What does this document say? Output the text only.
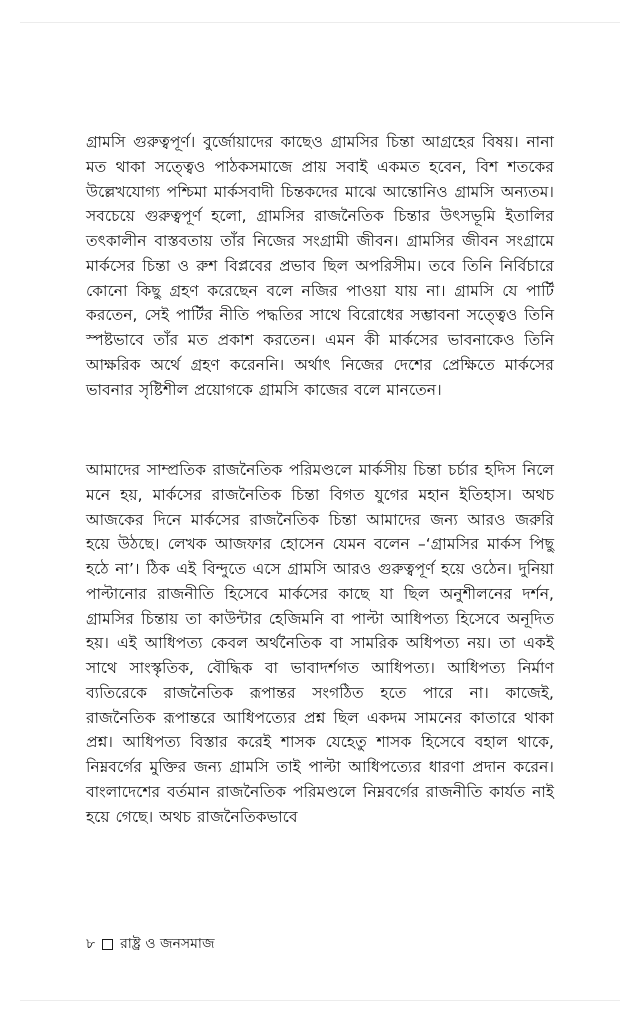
গ্রামসি গুরুত্বপূর্ণ। বুর্জোয়াদের কাছেও গ্রামসির চিন্তা আগ্রহের বিষয়। নানা মত থাকা সত্ত্বেও পাঠকসমাজে প্রায় সবাই একমত হবেন, বিশ শতকের উল্লেখযোগ্য পশ্চিমা মার্কসবাদী চিন্তকদের মাঝে আন্তোনিও গ্রামসি অন্যতম। সবচেয়ে গুরুত্বপূর্ণ হলো, গ্রামসির রাজনৈতিক চিন্তার উৎসভূমি ইতালির তৎকালীন বাস্তবতায় তাঁর নিজের সংগ্রামী জীবন। গ্রামসির জীবন সংগ্রামে মার্কসের চিন্তা ও রুশ বিপ্লবের প্রভাব ছিল অপরিসীম। তবে তিনি নির্বিচারে কোনো কিছু গ্রহণ করেছেন বলে নজির পাওয়া যায় না। গ্রামসি যে পার্টি করতেন, সেই পার্টির নীতি পদ্ধতির সাথে বিরোধের সম্ভাবনা সত্ত্বেও তিনি স্পষ্টভাবে তাঁর মত প্রকাশ করতেন। এমন কী মার্কসের ভাবনাকেও তিনি আক্ষরিক অর্থে গ্রহণ করেননি। অর্থাৎ নিজের দেশের প্রেক্ষিতে মার্কসের ভাবনার সৃষ্টিশীল প্রয়োগকে গ্রামসি কাজের বলে মানতেন।

আমাদের সাম্প্রতিক রাজনৈতিক পরিমণ্ডলে মার্কসীয় চিন্তা চর্চার হদিস নিলে মনে হয়, মার্কসের রাজনৈতিক চিন্তা বিগত যুগের মহান ইতিহাস। অথচ আজকের দিনে মার্কসের রাজনৈতিক চিন্তা আমাদের জন্য আরও জরুরি হয়ে উঠছে। লেখক আজফার হোসেন যেমন বলেন –‘গ্রামসির মার্কস পিছু হঠে না’। ঠিক এই বিন্দুতে এসে গ্রামসি আরও গুরুত্বপূর্ণ হয়ে ওঠেন। দুনিয়া পাল্টানোর রাজনীতি হিসেবে মার্কসের কাছে যা ছিল অনুশীলনের দর্শন, গ্রামসির চিন্তায় তা কাউন্টার হেজিমনি বা পাল্টা আধিপত্য হিসেবে অনূদিত হয়। এই আধিপত্য কেবল অর্থনৈতিক বা সামরিক অধিপত্য নয়। তা একই সাথে সাংস্কৃতিক, বৌদ্ধিক বা ভাবাদর্শগত আধিপত্য। আধিপত্য নির্মাণ ব্যতিরেকে রাজনৈতিক রূপান্তর সংগঠিত হতে পারে না। কাজেই, রাজনৈতিক রূপান্তরে আধিপত্যের প্রশ্ন ছিল একদম সামনের কাতারে থাকা প্রশ্ন। আধিপত্য বিস্তার করেই শাসক যেহেতু শাসক হিসেবে বহাল থাকে, নিম্নবর্গের মুক্তির জন্য গ্রামসি তাই পাল্টা আধিপত্যের ধারণা প্রদান করেন। বাংলাদেশের বর্তমান রাজনৈতিক পরিমণ্ডলে নিম্নবর্গের রাজনীতি কার্যত নাই হয়ে গেছে। অথচ রাজনৈতিকভাবে

৮ রাষ্ট্র ও জনসমাজ
